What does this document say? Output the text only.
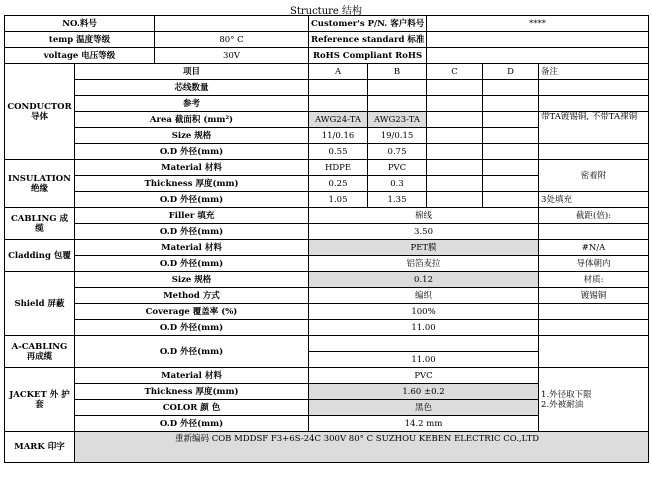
Structure 结构
NO.料号			Customer's P/N. 客户料号		****		
temp 温度等级		80° C	Reference standard 标准				
voltage 电压等级		30V	RoHS Compliant RoHS				
CONDUCTOR导体	项目		A	B	C	D	备注
	芯线数量						
	参考						
	Area 截面积 (mm²)		AWG24-TA	AWG23-TA			带TA镀锡铜, 不带TA裸铜
	Size 规格		11/0.16	19/0.15			
	O.D 外径(mm)		0.55	0.75			
INSULATION 绝缘	Material 材料		HDPE	PVC			密着附
	Thickness 厚度(mm)		0.25	0.3			
	O.D 外径(mm)		1.05	1.35			3处填充
CABLING 成缆	Filler 填充		棉线				截距(倍):
	O.D 外径(mm)		3.50				
Cladding 包覆	Material 材料		PET膜				#N/A
	O.D 外径(mm)		铝箔麦拉				导体朝内
Shield 屏蔽	Size 规格		0.12				材质:
	Method 方式		编织				镀锡铜
	Coverage 覆盖率 (%)		100%				
	O.D 外径(mm)		11.00				
A-CABLING 再成缆	O.D 外径(mm)						
			11.00				
JACKET 外 护 套	Material 材料		PVC				1.外径取下限
2.外被耐油

	Thickness 厚度(mm)		1.60 ±0.2				
	COLOR 颜 色		黑色				
	O.D 外径(mm)		14.2 mm				
MARK 印字	重新编码 COB MDDSF F3+6S-24C 300V 80° C SUZHOU KEBEN ELECTRIC CO.,LTD						
